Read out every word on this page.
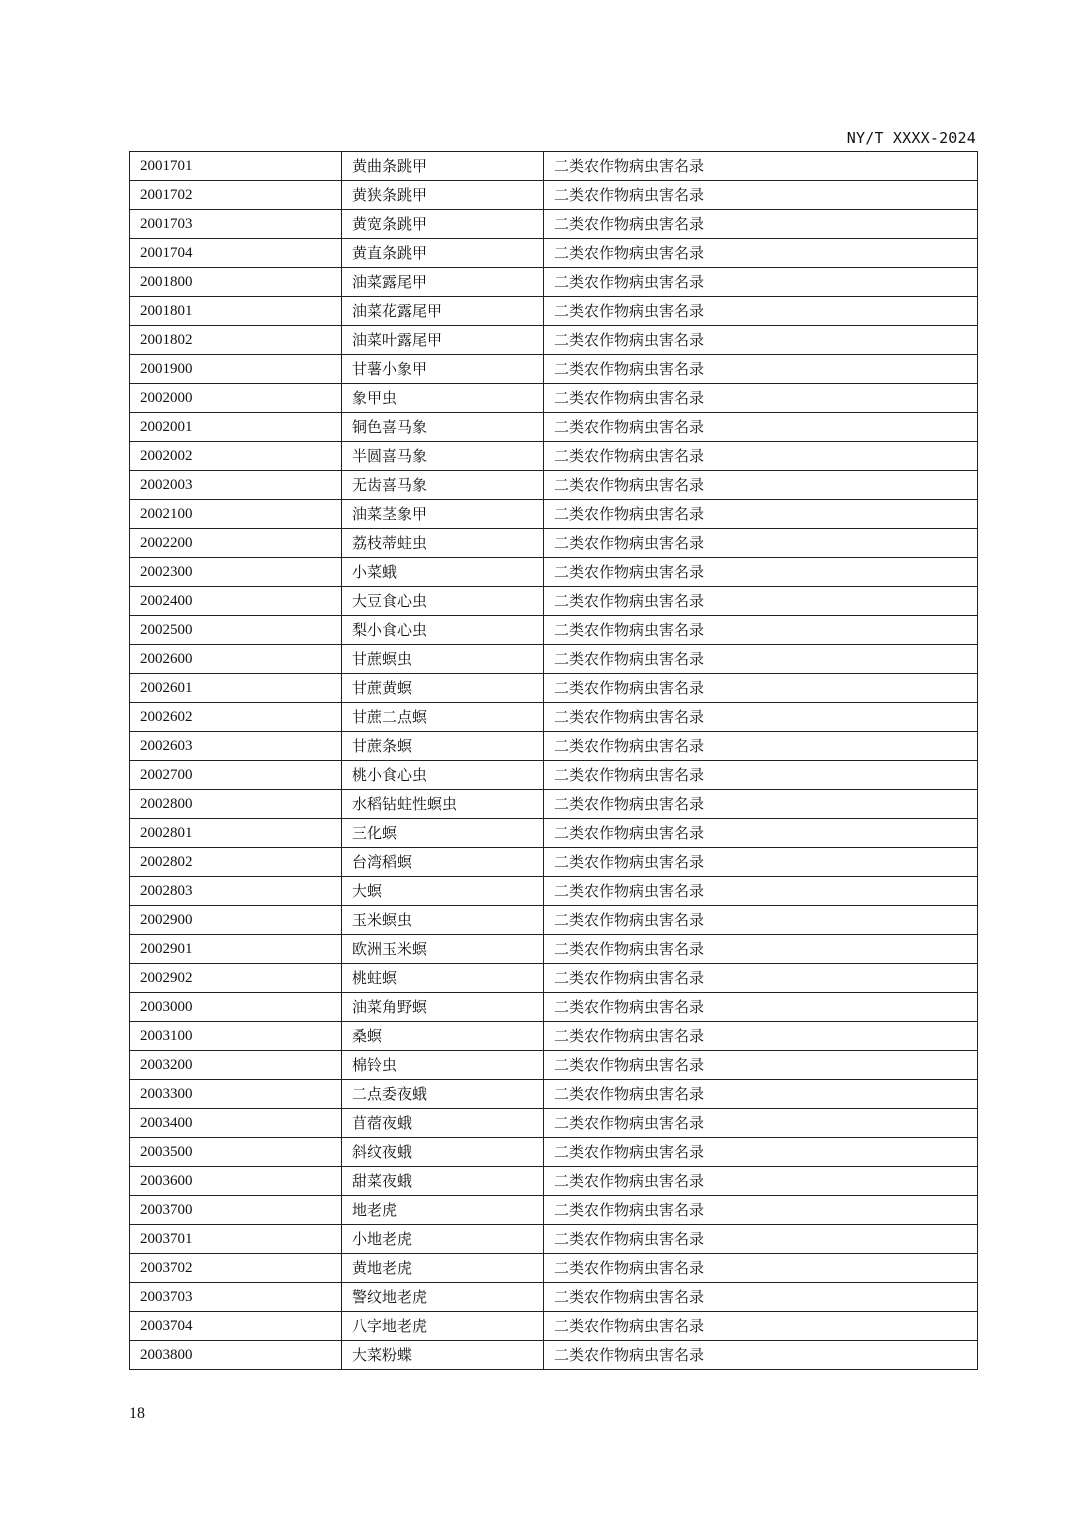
NY/T XXXX-2024
2001701	黄曲条跳甲	二类农作物病虫害名录
2001702	黄狭条跳甲	二类农作物病虫害名录
2001703	黄宽条跳甲	二类农作物病虫害名录
2001704	黄直条跳甲	二类农作物病虫害名录
2001800	油菜露尾甲	二类农作物病虫害名录
2001801	油菜花露尾甲	二类农作物病虫害名录
2001802	油菜叶露尾甲	二类农作物病虫害名录
2001900	甘薯小象甲	二类农作物病虫害名录
2002000	象甲虫	二类农作物病虫害名录
2002001	铜色喜马象	二类农作物病虫害名录
2002002	半圆喜马象	二类农作物病虫害名录
2002003	无齿喜马象	二类农作物病虫害名录
2002100	油菜茎象甲	二类农作物病虫害名录
2002200	荔枝蒂蛀虫	二类农作物病虫害名录
2002300	小菜蛾	二类农作物病虫害名录
2002400	大豆食心虫	二类农作物病虫害名录
2002500	梨小食心虫	二类农作物病虫害名录
2002600	甘蔗螟虫	二类农作物病虫害名录
2002601	甘蔗黄螟	二类农作物病虫害名录
2002602	甘蔗二点螟	二类农作物病虫害名录
2002603	甘蔗条螟	二类农作物病虫害名录
2002700	桃小食心虫	二类农作物病虫害名录
2002800	水稻钻蛀性螟虫	二类农作物病虫害名录
2002801	三化螟	二类农作物病虫害名录
2002802	台湾稻螟	二类农作物病虫害名录
2002803	大螟	二类农作物病虫害名录
2002900	玉米螟虫	二类农作物病虫害名录
2002901	欧洲玉米螟	二类农作物病虫害名录
2002902	桃蛀螟	二类农作物病虫害名录
2003000	油菜角野螟	二类农作物病虫害名录
2003100	桑螟	二类农作物病虫害名录
2003200	棉铃虫	二类农作物病虫害名录
2003300	二点委夜蛾	二类农作物病虫害名录
2003400	苜蓿夜蛾	二类农作物病虫害名录
2003500	斜纹夜蛾	二类农作物病虫害名录
2003600	甜菜夜蛾	二类农作物病虫害名录
2003700	地老虎	二类农作物病虫害名录
2003701	小地老虎	二类农作物病虫害名录
2003702	黄地老虎	二类农作物病虫害名录
2003703	警纹地老虎	二类农作物病虫害名录
2003704	八字地老虎	二类农作物病虫害名录
2003800	大菜粉蝶	二类农作物病虫害名录
18
